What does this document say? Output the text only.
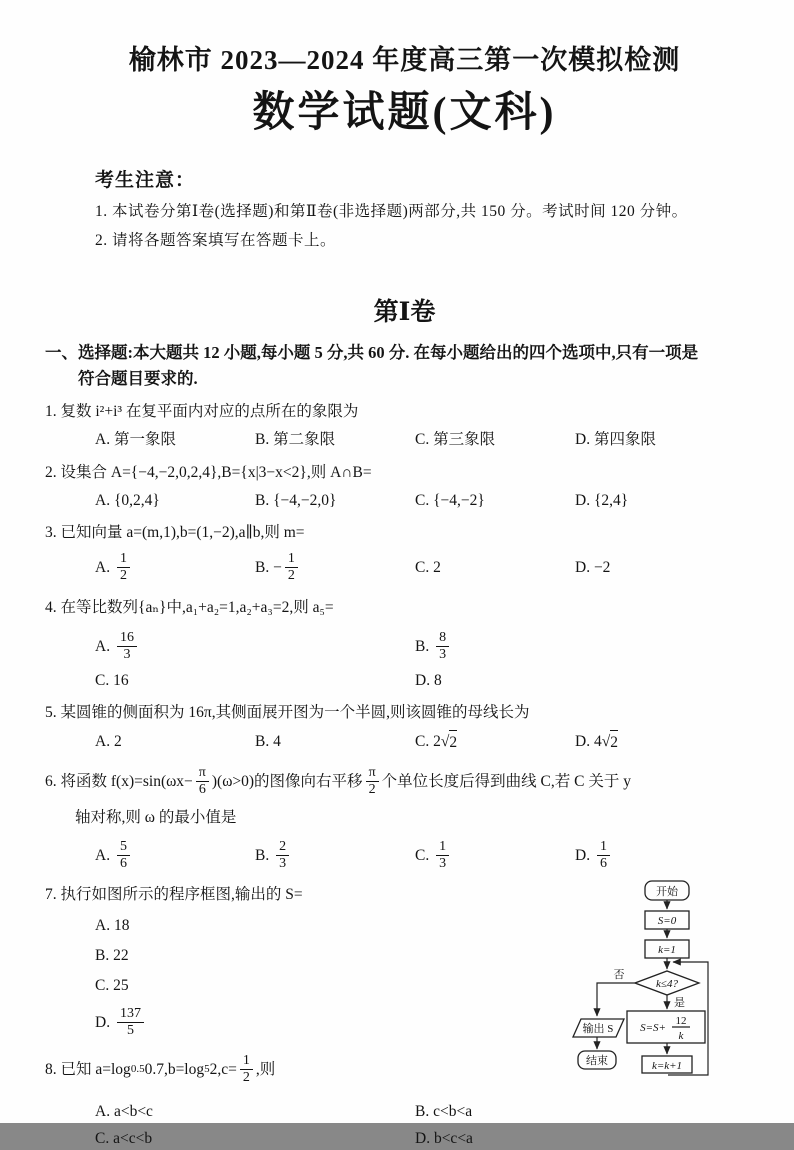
榆林市 2023—2024 年度高三第一次模拟检测
数学试题(文科)
考生注意：
1. 本试卷分第Ⅰ卷(选择题)和第Ⅱ卷(非选择题)两部分,共 150 分。考试时间 120 分钟。
2. 请将各题答案填写在答题卡上。
第Ⅰ卷
一、选择题:本大题共 12 小题,每小题 5 分,共 60 分. 在每小题给出的四个选项中,只有一项是
符合题目要求的.
1. 复数 i²+i³ 在复平面内对应的点所在的象限为
A. 第一象限	B. 第二象限	C. 第三象限	D. 第四象限
2. 设集合 A={−4,−2,0,2,4},B={x|3−x<2},则 A∩B=
A. {0,2,4}	B. {−4,−2,0}	C. {−4,−2}	D. {2,4}
3. 已知向量 a=(m,1),b=(1,−2),a∥b,则 m=
A. $\frac{1}{2}$	B. − $\frac{1}{2}$	C. 2	D. −2
4. 在等比数列{aₙ}中,a₁+a₂=1,a₂+a₃=2,则 a₅=
A. $\frac{16}{3}$	B. $\frac{8}{3}$
C. 16	D. 8
5. 某圆锥的侧面积为 16π,其侧面展开图为一个半圆,则该圆锥的母线长为
A. 2	B. 4	C. 2√ 2	D. 4√ 2
6. 将函数 $f(x)=\sin(\omega x- \frac{\pi}{6} )(\omega>0)$的图像向右平移 $\frac{\pi}{2}$ 个单位长度后得到曲线 C,若 C 关于 y
轴对称,则 ω 的最小值是
A. $\frac{5}{6}$	B. $\frac{2}{3}$	C. $\frac{1}{3}$	D. $\frac{1}{6}$
7. 执行如图所示的程序框图,输出的 S=
A. 18
B. 22
C. 25
D. $\frac{137}{5}$
8. 已知 a=log 0.5 0.7,b=log 5 $2,c= \frac{1}{2}$ ,则
A. a<b<c	B. c<b<a
C. a<c<b	D. b<c<a
开始
S=0
k=1
k≤4?
否
是
输出 S
结束
S=S+
12
k
k=k+1
